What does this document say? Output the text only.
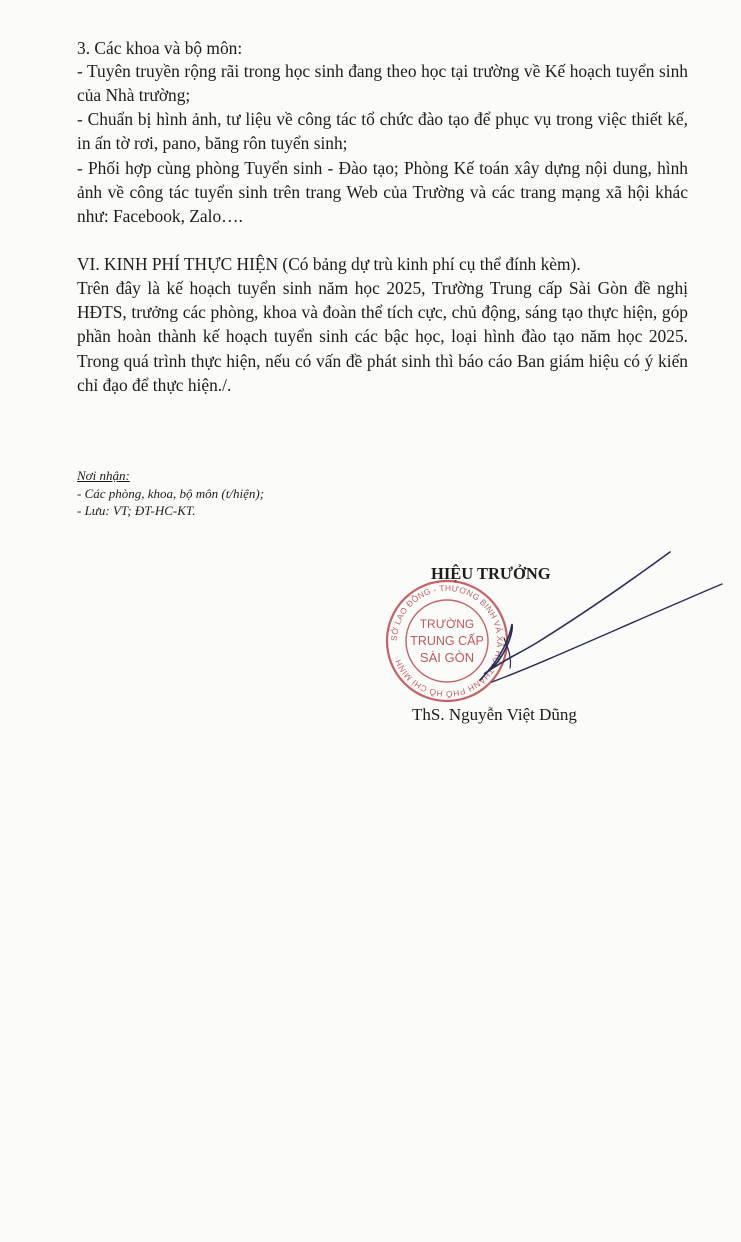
3. Các khoa và bộ môn:
- Tuyên truyền rộng rãi trong học sinh đang theo học tại trường về Kế hoạch tuyển sinh
của Nhà trường;
- Chuẩn bị hình ảnh, tư liệu về công tác tổ chức đào tạo để phục vụ trong việc thiết kế,
in ấn tờ rơi, pano, băng rôn tuyển sinh;
- Phối hợp cùng phòng Tuyển sinh - Đào tạo; Phòng Kế toán xây dựng nội dung, hình
ảnh về công tác tuyển sinh trên trang Web của Trường và các trang mạng xã hội khác
như: Facebook, Zalo….
VI. KINH PHÍ THỰC HIỆN (Có bảng dự trù kinh phí cụ thể đính kèm).
Trên đây là kế hoạch tuyển sinh năm học 2025, Trường Trung cấp Sài Gòn đề nghị
HĐTS, trưởng các phòng, khoa và đoàn thể tích cực, chủ động, sáng tạo thực hiện, góp
phần hoàn thành kế hoạch tuyển sinh các bậc học, loại hình đào tạo năm học 2025.
Trong quá trình thực hiện, nếu có vấn đề phát sinh thì báo cáo Ban giám hiệu có ý kiến
chỉ đạo để thực hiện./.
Nơi nhận:
- Các phòng, khoa, bộ môn (t/hiện);
- Lưu: VT; ĐT-HC-KT.
HIỆU TRƯỞNG
SỞ LAO ĐỘNG - THƯƠNG BINH VÀ XÃ HỘI THÀNH PHỐ HỒ CHÍ MINH
TRƯỜNG
TRUNG CẤP
SÀI GÒN
ThS. Nguyễn Việt Dũng
